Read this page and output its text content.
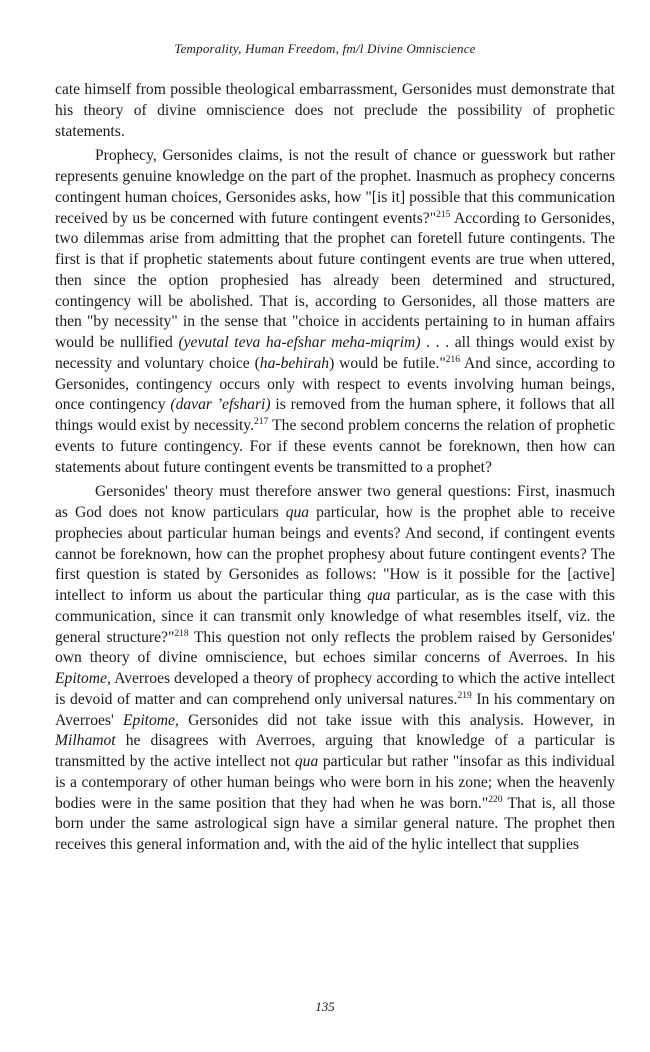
Temporality, Human Freedom, fm/l Divine Omniscience

cate himself from possible theological embarrassment, Gersonides must demonstrate that his theory of divine omniscience does not preclude the possibility of prophetic statements.

Prophecy, Gersonides claims, is not the result of chance or guesswork but rather represents genuine knowledge on the part of the prophet. Inasmuch as prophecy concerns contingent human choices, Gersonides asks, how "[is it] possible that this communication received by us be concerned with future contingent events?"$^{215}$ According to Gersonides, two dilemmas arise from admitting that the prophet can foretell future contingents. The first is that if prophetic statements about future contingent events are true when uttered, then since the option prophesied has already been determined and structured, contingency will be abolished. That is, according to Gersonides, all those matters are then "by necessity" in the sense that "choice in accidents pertaining to in human affairs would be nullified (yevutal teva ha-efshar meha-miqrim) . . . all things would exist by necessity and voluntary choice (ha-behirah) would be futile."$^{216}$ And since, according to Gersonides, contingency occurs only with respect to events involving human beings, once contingency (davar ʼefshari) is removed from the human sphere, it follows that all things would exist by necessity.$^{217}$ The second problem concerns the relation of prophetic events to future contingency. For if these events cannot be foreknown, then how can statements about future contingent events be transmitted to a prophet?

Gersonides' theory must therefore answer two general questions: First, inasmuch as God does not know particulars qua particular, how is the prophet able to receive prophecies about particular human beings and events? And second, if contingent events cannot be foreknown, how can the prophet prophesy about future contingent events? The first question is stated by Gersonides as follows: "How is it possible for the [active] intellect to inform us about the particular thing qua particular, as is the case with this communication, since it can transmit only knowledge of what resembles itself, viz. the general structure?"$^{218}$ This question not only reflects the problem raised by Gersonides' own theory of divine omniscience, but echoes similar concerns of Averroes. In his Epitome, Averroes developed a theory of prophecy according to which the active intellect is devoid of matter and can comprehend only universal natures.$^{219}$ In his commentary on Averroes' Epitome, Gersonides did not take issue with this analysis. However, in Milhamot he disagrees with Averroes, arguing that knowledge of a particular is transmitted by the active intellect not qua particular but rather "insofar as this individual is a contemporary of other human beings who were born in his zone; when the heavenly bodies were in the same position that they had when he was born."$^{220}$ That is, all those born under the same astrological sign have a similar general nature. The prophet then receives this general information and, with the aid of the hylic intellect that supplies

135
